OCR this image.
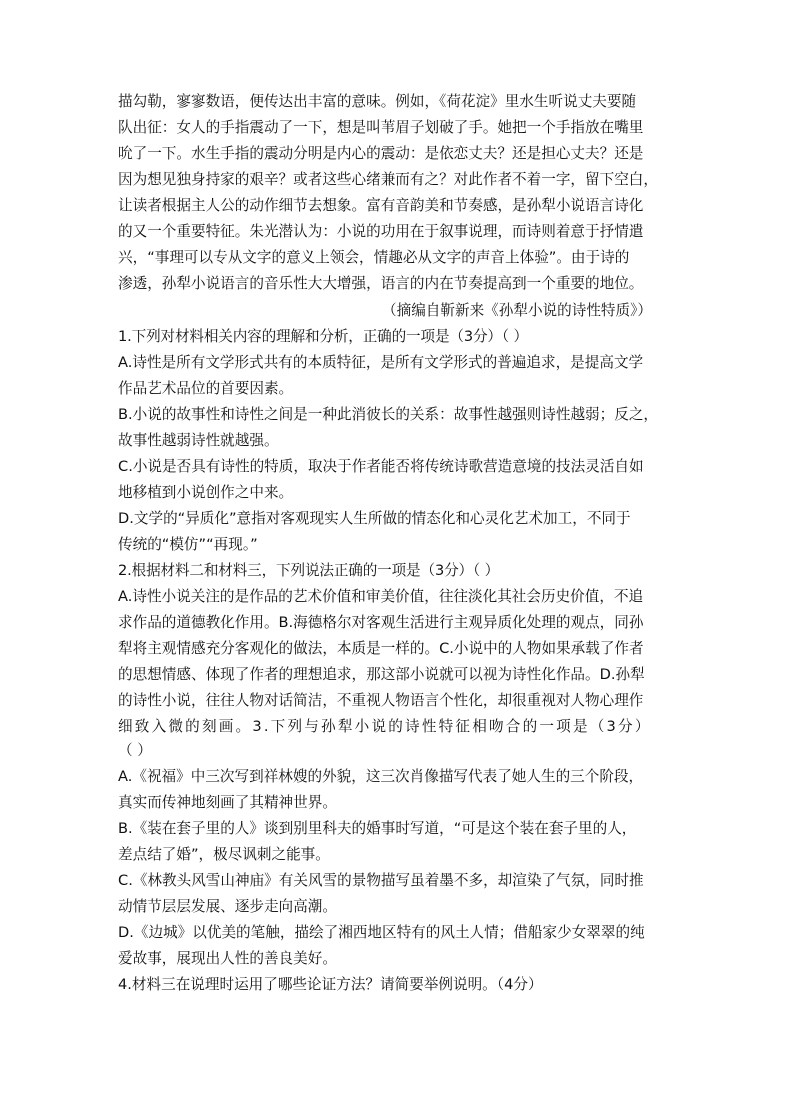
描勾勒，寥寥数语，便传达出丰富的意味。例如，《荷花淀》里水生听说丈夫要随
队出征：女人的手指震动了一下，想是叫苇眉子划破了手。她把一个手指放在嘴里
吮了一下。水生手指的震动分明是内心的震动：是依恋丈夫？还是担心丈夫？还是
因为想见独身持家的艰辛？或者这些心绪兼而有之？对此作者不着一字，留下空白，
让读者根据主人公的动作细节去想象。富有音韵美和节奏感，是孙犁小说语言诗化
的又一个重要特征。朱光潜认为：小说的功用在于叙事说理，而诗则着意于抒情遣
兴，“事理可以专从文字的意义上领会，情趣必从文字的声音上体验”。由于诗的
渗透，孙犁小说语言的音乐性大大增强，语言的内在节奏提高到一个重要的地位。
（摘编自靳新来《孙犁小说的诗性特质》）
1.下列对材料相关内容的理解和分析，正确的一项是（3分）（ ）
A.诗性是所有文学形式共有的本质特征，是所有文学形式的普遍追求，是提高文学
作品艺术品位的首要因素。
B.小说的故事性和诗性之间是一种此消彼长的关系：故事性越强则诗性越弱；反之，
故事性越弱诗性就越强。
C.小说是否具有诗性的特质，取决于作者能否将传统诗歌营造意境的技法灵活自如
地移植到小说创作之中来。
D.文学的“异质化”意指对客观现实人生所做的情态化和心灵化艺术加工，不同于
传统的“模仿”“再现。”
2.根据材料二和材料三，下列说法正确的一项是（3分）（ ）
A.诗性小说关注的是作品的艺术价值和审美价值，往往淡化其社会历史价值，不追
求作品的道德教化作用。B.海德格尔对客观生活进行主观异质化处理的观点，同孙
犁将主观情感充分客观化的做法，本质是一样的。C.小说中的人物如果承载了作者
的思想情感、体现了作者的理想追求，那这部小说就可以视为诗性化作品。D.孙犁
的诗性小说，往往人物对话简洁，不重视人物语言个性化，却很重视对人物心理作
细致入微的刻画。3.下列与孙犁小说的诗性特征相吻合的一项是（3分）
（ ）
A.《祝福》中三次写到祥林嫂的外貌，这三次肖像描写代表了她人生的三个阶段，
真实而传神地刻画了其精神世界。
B.《装在套子里的人》谈到别里科夫的婚事时写道，“可是这个装在套子里的人，
差点结了婚”，极尽讽刺之能事。
C.《林教头风雪山神庙》有关风雪的景物描写虽着墨不多，却渲染了气氛，同时推
动情节层层发展、逐步走向高潮。
D.《边城》以优美的笔触，描绘了湘西地区特有的风土人情；借船家少女翠翠的纯
爱故事，展现出人性的善良美好。
4.材料三在说理时运用了哪些论证方法？请简要举例说明。（4分）
